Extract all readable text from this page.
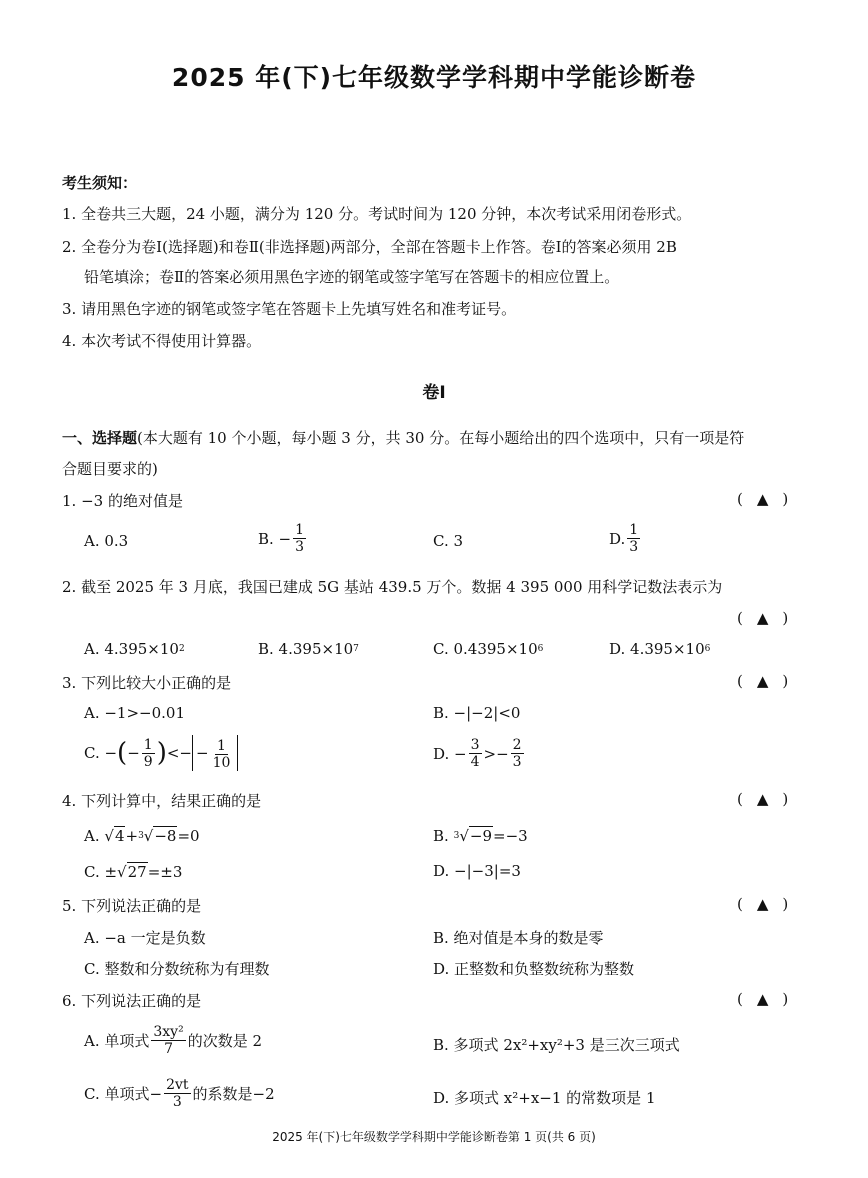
2025 年(下)七年级数学学科期中学能诊断卷
考生须知：
1. 全卷共三大题，24 小题，满分为 120 分。考试时间为 120 分钟，本次考试采用闭卷形式。
2. 全卷分为卷Ⅰ(选择题)和卷Ⅱ(非选择题)两部分，全部在答题卡上作答。卷Ⅰ的答案必须用 2B
铅笔填涂；卷Ⅱ的答案必须用黑色字迹的钢笔或签字笔写在答题卡的相应位置上。
3. 请用黑色字迹的钢笔或签字笔在答题卡上先填写姓名和准考证号。
4. 本次考试不得使用计算器。
卷Ⅰ
一、选择题(本大题有 10 个小题，每小题 3 分，共 30 分。在每小题给出的四个选项中，只有一项是符
合题目要求的)
1. −3 的绝对值是	( ▲ )
A. 0.3	B. − $\frac{1}{3}$	C. 3	D. $\frac{1}{3}$
2. 截至 2025 年 3 月底，我国已建成 5G 基站 439.5 万个。数据 4 395 000 用科学记数法表示为
( ▲ )
A. 4.395×10 2	B. 4.395×10 7	C. 0.4395×10 6	D. 4.395×10 6
3. 下列比较大小正确的是	( ▲ )
A. −1>−0.01	B. −|−2|<0
C. − ( − $\frac{1}{9}$ ) <− − $\frac{1}{10}$	D. − $\frac{3}{4} >- \frac{2}{3}$
4. 下列计算中，结果正确的是	( ▲ )
A. √ 4 + 3 √ −8 =0	B.
3 √ −9 =−3
C. ± √ 27 =±3	D. −|−3|=3
5. 下列说法正确的是	( ▲ )
A. −a 一定是负数	B. 绝对值是本身的数是零
C. 整数和分数统称为有理数	D. 正整数和负整数统称为整数
6. 下列说法正确的是	( ▲ )
A. 单项式 $\frac{\text{3xy²}}{7}$ 的次数是 2	B. 多项式 2x²+xy²+3 是三次三项式
C. 单项式− $\frac{2vt}{3}$ 的系数是−2	D. 多项式 x²+x−1 的常数项是 1
2025 年(下)七年级数学学科期中学能诊断卷第 1 页(共 6 页)
